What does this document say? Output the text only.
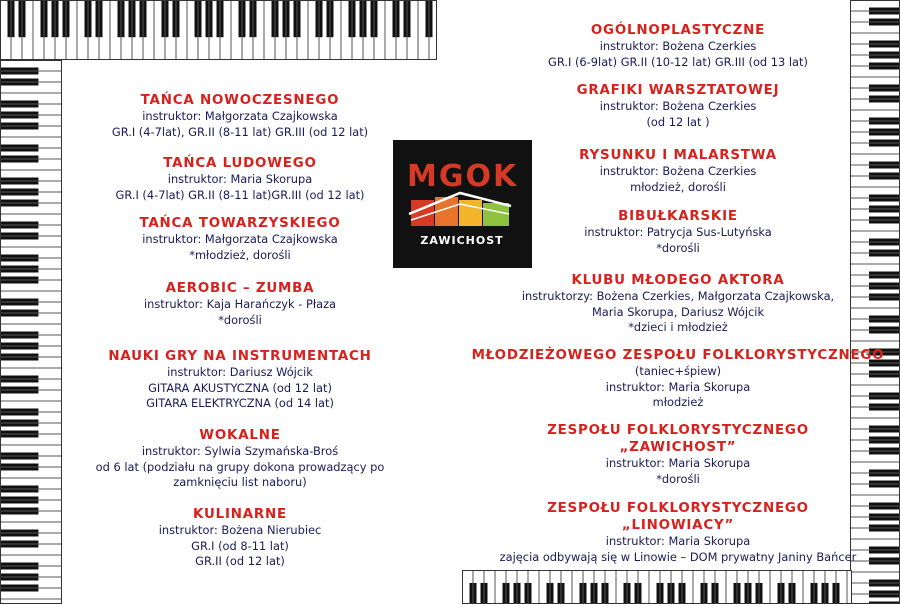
MGOK
ZAWICHOST
TAŃCA NOWOCZESNEGO
instruktor: Małgorzata Czajkowska
GR.I (4-7lat), GR.II (8-11 lat) GR.III (od 12 lat)
TAŃCA LUDOWEGO
instruktor: Maria Skorupa
GR.I (4-7lat) GR.II (8-11 lat)GR.III (od 12 lat)
TAŃCA TOWARZYSKIEGO
instruktor: Małgorzata Czajkowska
*młodzież, dorośli
AEROBIC – ZUMBA
instruktor: Kaja Harańczyk - Płaza
*dorośli
NAUKI GRY NA INSTRUMENTACH
instruktor: Dariusz Wójcik
GITARA AKUSTYCZNA (od 12 lat)
GITARA ELEKTRYCZNA (od 14 lat)
WOKALNE
instruktor: Sylwia Szymańska-Broś
od 6 lat (podziału na grupy dokona prowadzący po
zamknięciu list naboru)
KULINARNE
instruktor: Bożena Nierubiec
GR.I (od 8-11 lat)
GR.II (od 12 lat)
OGÓLNOPLASTYCZNE
instruktor: Bożena Czerkies
GR.I (6-9lat) GR.II (10-12 lat) GR.III (od 13 lat)
GRAFIKI WARSZTATOWEJ
instruktor: Bożena Czerkies
(od 12 lat )
RYSUNKU I MALARSTWA
instruktor: Bożena Czerkies
młodzież, dorośli
BIBUŁKARSKIE
instruktor: Patrycja Sus-Lutyńska
*dorośli
KLUBU MŁODEGO AKTORA
instruktorzy: Bożena Czerkies, Małgorzata Czajkowska,
Maria Skorupa, Dariusz Wójcik
*dzieci i młodzież
MŁODZIEŻOWEGO ZESPOŁU FOLKLORYSTYCZNEGO
(taniec+śpiew)
instruktor: Maria Skorupa
młodzież
ZESPOŁU FOLKLORYSTYCZNEGO
„ZAWICHOST”
instruktor: Maria Skorupa
*dorośli
ZESPOŁU FOLKLORYSTYCZNEGO
„LINOWIACY”
instruktor: Maria Skorupa
zajęcia odbywają się w Linowie – DOM prywatny Janiny Bańcer
